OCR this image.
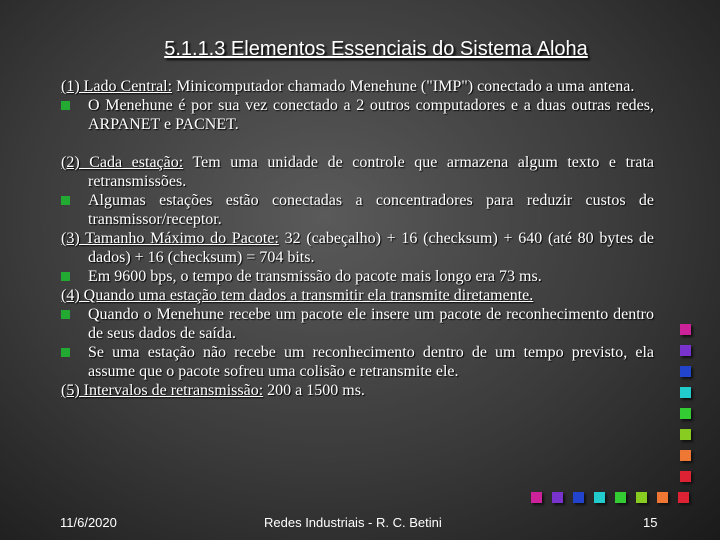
5.1.1.3 Elementos Essenciais do Sistema Aloha
(1) Lado Central: Minicomputador chamado Menehune ("IMP") conectado a uma antena.
O Menehune é por sua vez conectado a 2 outros computadores e a duas outras redes, ARPANET e PACNET.
(2) Cada estação: Tem uma unidade de controle que armazena algum texto e trata retransmissões.
Algumas estações estão conectadas a concentradores para reduzir custos de transmissor/receptor.
(3) Tamanho Máximo do Pacote: 32 (cabeçalho) + 16 (checksum) + 640 (até 80 bytes de dados) + 16 (checksum) = 704 bits.
Em 9600 bps, o tempo de transmissão do pacote mais longo era 73 ms.
(4) Quando uma estação tem dados a transmitir ela transmite diretamente.
Quando o Menehune recebe um pacote ele insere um pacote de reconhecimento dentro de seus dados de saída.
Se uma estação não recebe um reconhecimento dentro de um tempo previsto, ela assume que o pacote sofreu uma colisão e retransmite ele.
(5) Intervalos de retransmissão: 200 a 1500 ms.
11/6/2020	Redes Industriais - R. C. Betini	15
